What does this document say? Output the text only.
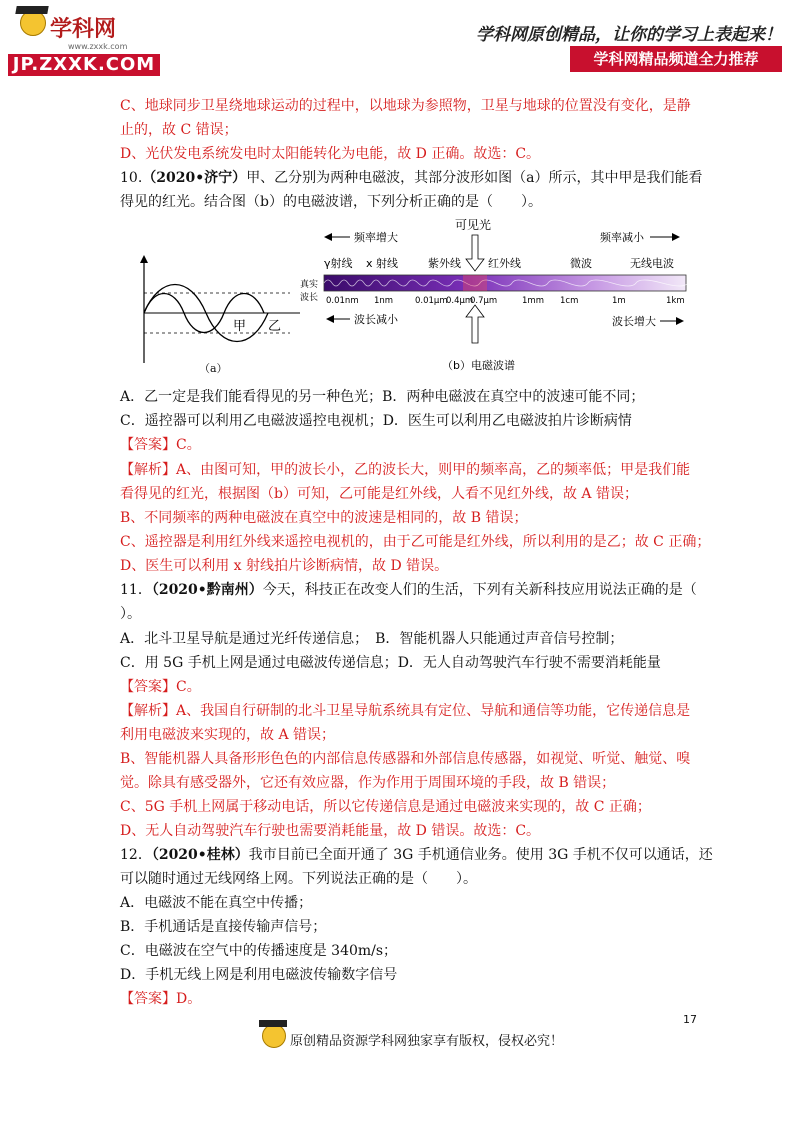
学科网
www.zxxk.com
JP.ZXXK.COM
学科网原创精品，让你的学习上表起来！
学科网精品频道全力推荐
C、地球同步卫星绕地球运动的过程中，以地球为参照物，卫星与地球的位置没有变化，是静
止的，故 C 错误；
D、光伏发电系统发电时太阳能转化为电能，故 D 正确。故选：C。
10.（2020•济宁）甲、乙分别为两种电磁波，其部分波形如图（a）所示，其中甲是我们能看
得见的红光。结合图（b）的电磁波谱，下列分析正确的是（　　）。
甲 乙
（a）
可见光
频率增大	频率减小
γ射线 x 射线	紫外线 红外线	微波	无线电波
真实
波长 0.01nm 1nm	0.01μm
0.4μm
0.7μm	1mm 1cm	1m	1km
波长减小	波长增大
（b）电磁波谱
A．乙一定是我们能看得见的另一种色光；B．两种电磁波在真空中的波速可能不同；
C．遥控器可以利用乙电磁波遥控电视机；D．医生可以利用乙电磁波拍片诊断病情
【答案】C。
【解析】A、由图可知，甲的波长小，乙的波长大，则甲的频率高，乙的频率低；甲是我们能
看得见的红光，根据图（b）可知，乙可能是红外线，人看不见红外线，故 A 错误；
B、不同频率的两种电磁波在真空中的波速是相同的，故 B 错误；
C、遥控器是利用红外线来遥控电视机的，由于乙可能是红外线，所以利用的是乙；故 C 正确；
D、医生可以利用 x 射线拍片诊断病情，故 D 错误。
11．（2020•黔南州）今天，科技正在改变人们的生活，下列有关新科技应用说法正确的是（
）。
A．北斗卫星导航是通过光纤传递信息；　B．智能机器人只能通过声音信号控制；
C．用 5G 手机上网是通过电磁波传递信息；D．无人自动驾驶汽车行驶不需要消耗能量
【答案】C。
【解析】A、我国自行研制的北斗卫星导航系统具有定位、导航和通信等功能，它传递信息是
利用电磁波来实现的，故 A 错误；
B、智能机器人具备形形色色的内部信息传感器和外部信息传感器，如视觉、听觉、触觉、嗅
觉。除具有感受器外，它还有效应器，作为作用于周围环境的手段，故 B 错误；
C、5G 手机上网属于移动电话，所以它传递信息是通过电磁波来实现的，故 C 正确；
D、无人自动驾驶汽车行驶也需要消耗能量，故 D 错误。故选：C。
12．（2020•桂林）我市目前已全面开通了 3G 手机通信业务。使用 3G 手机不仅可以通话，还
可以随时通过无线网络上网。下列说法正确的是（　　）。
A．电磁波不能在真空中传播；
B．手机通话是直接传输声信号；
C．电磁波在空气中的传播速度是 340m/s；
D．手机无线上网是利用电磁波传输数字信号
【答案】D。
17
原创精品资源学科网独家享有版权，侵权必究！
